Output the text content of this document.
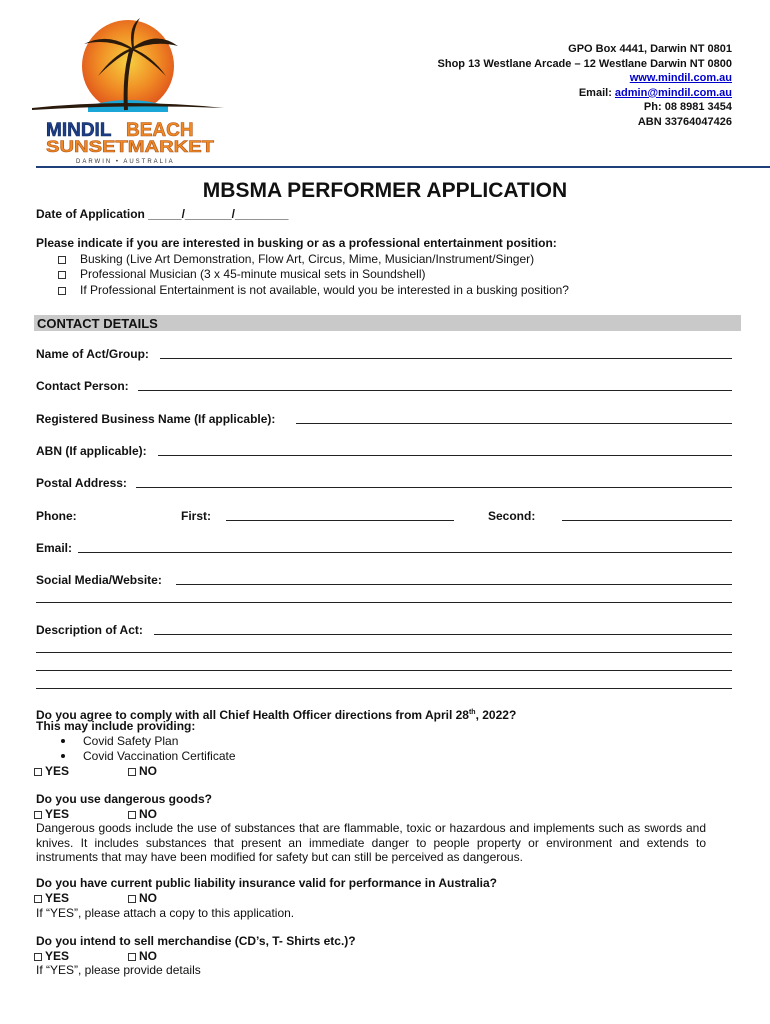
MINDIL BEACH
SUNSETMARKET
DARWIN • AUSTRALIA
GPO Box 4441, Darwin NT 0801
Shop 13 Westlane Arcade – 12 Westlane Darwin NT 0800
www.mindil.com.au
Email: admin@mindil.com.au
Ph: 08 8981 3454
ABN 33764047426
MBSMA PERFORMER APPLICATION
Date of Application _____/_______/________
Please indicate if you are interested in busking or as a professional entertainment position:
Busking (Live Art Demonstration, Flow Art, Circus, Mime, Musician/Instrument/Singer)
Professional Musician (3 x 45-minute musical sets in Soundshell)
If Professional Entertainment is not available, would you be interested in a busking position?
CONTACT DETAILS
Name of Act/Group:
Contact Person:
Registered Business Name (If applicable):
ABN (If applicable):
Postal Address:
Phone:	First:	Second:
Email:
Social Media/Website:
Description of Act:
Do you agree to comply with all Chief Health Officer directions from April 28th, 2022?
This may include providing:
Covid Safety Plan
Covid Vaccination Certificate
YES	NO
Do you use dangerous goods?
YES	NO
Dangerous goods include the use of substances that are flammable, toxic or hazardous and implements such as swords and knives. It includes substances that present an immediate danger to people property or environment and extends to instruments that may have been modified for safety but can still be perceived as dangerous.
Do you have current public liability insurance valid for performance in Australia?
YES	NO
If “YES”, please attach a copy to this application.
Do you intend to sell merchandise (CD’s, T- Shirts etc.)?
YES	NO
If “YES”, please provide details
